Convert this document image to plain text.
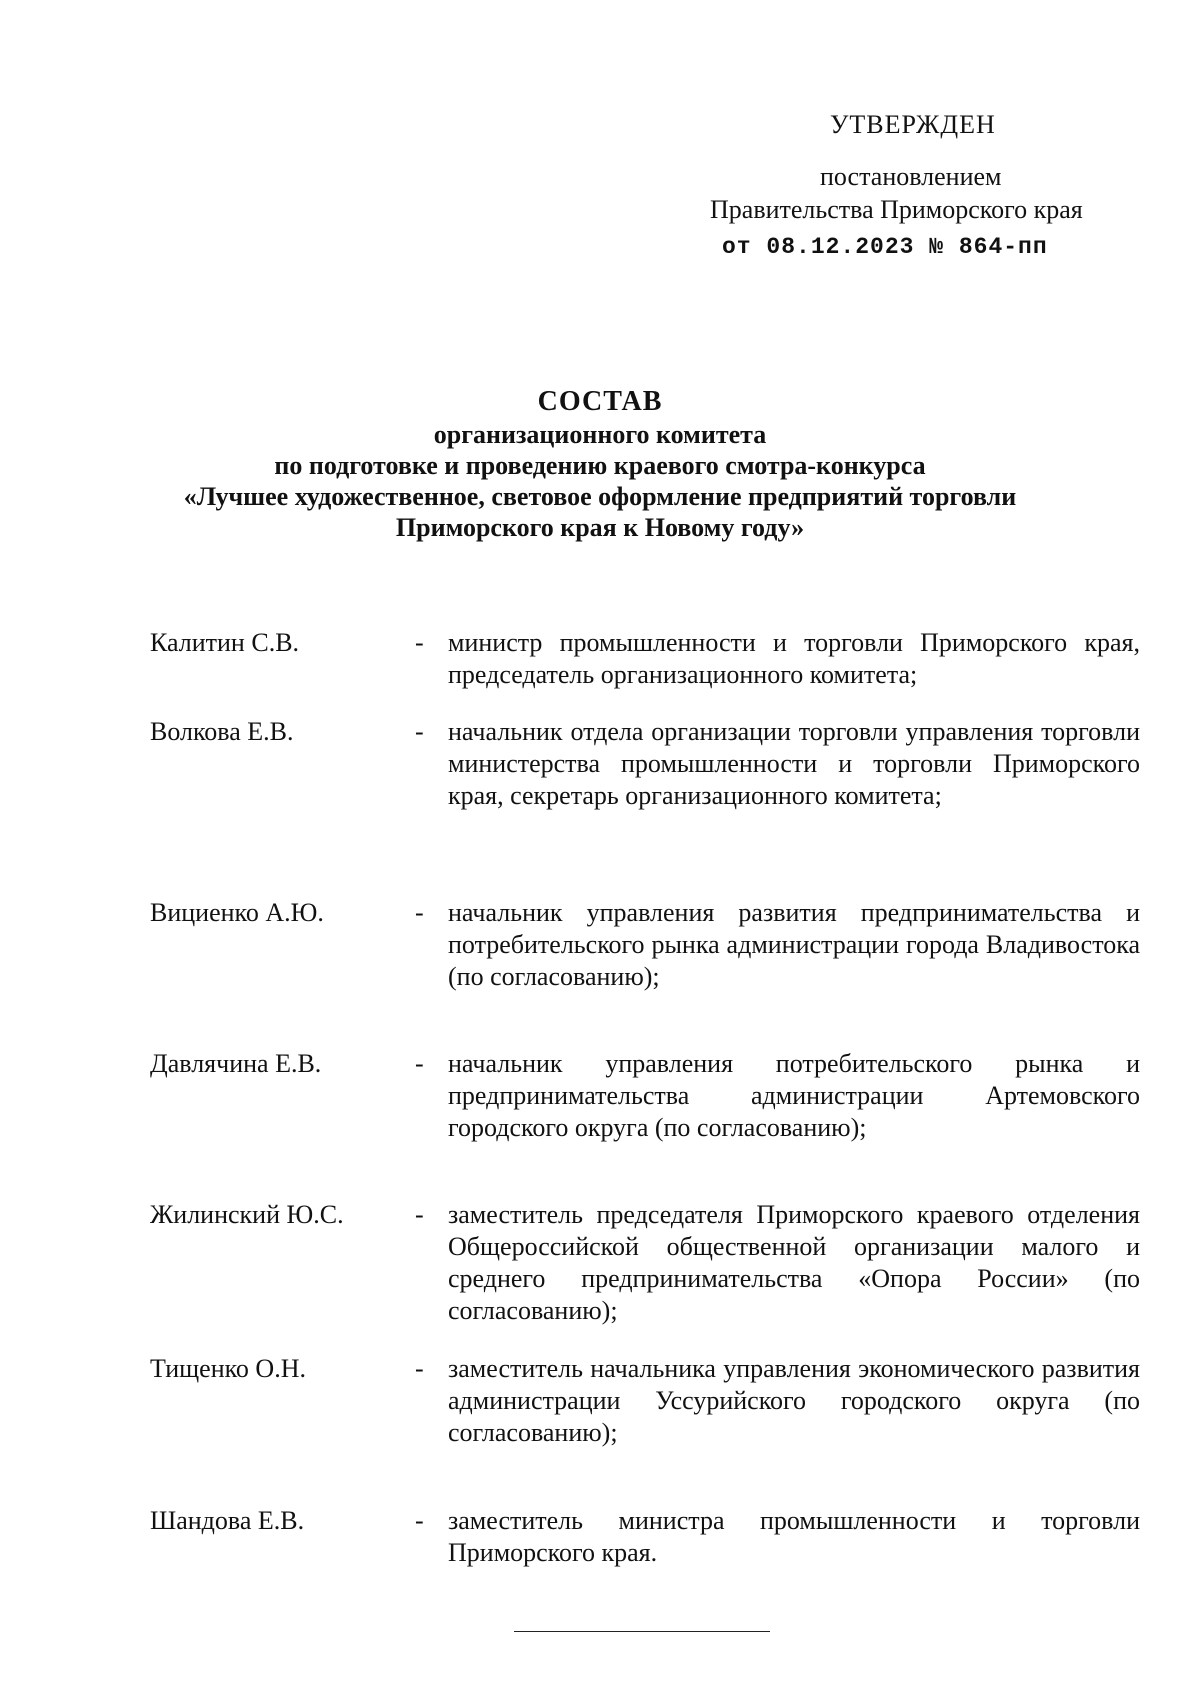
УТВЕРЖДЕН
постановлением
Правительства Приморского края
от 08.12.2023 № 864-пп
СОСТАВ
организационного комитета
по подготовке и проведению краевого смотра-конкурса
«Лучшее художественное, световое оформление предприятий торговли
Приморского края к Новому году»
Калитин С.В.	- министр промышленности и торговли Приморского края, председатель организационного комитета;
Волкова Е.В.	- начальник отдела организации торговли управления торговли министерства промышленности и торговли Приморского края, секретарь организационного комитета;
Вициенко А.Ю.	- начальник управления развития предпринимательства и потребительского рынка администрации города Владивостока (по согласованию);
Давлячина Е.В.	- начальник управления потребительского рынка и предпринимательства администрации Артемовского городского округа (по согласованию);
Жилинский Ю.С.	- заместитель председателя Приморского краевого отделения Общероссийской общественной организации малого и среднего предпринимательства «Опора России» (по согласованию);
Тищенко О.Н.	- заместитель начальника управления экономического развития администрации Уссурийского городского округа (по согласованию);
Шандова Е.В.	- заместитель министра промышленности и торговли Приморского края.
